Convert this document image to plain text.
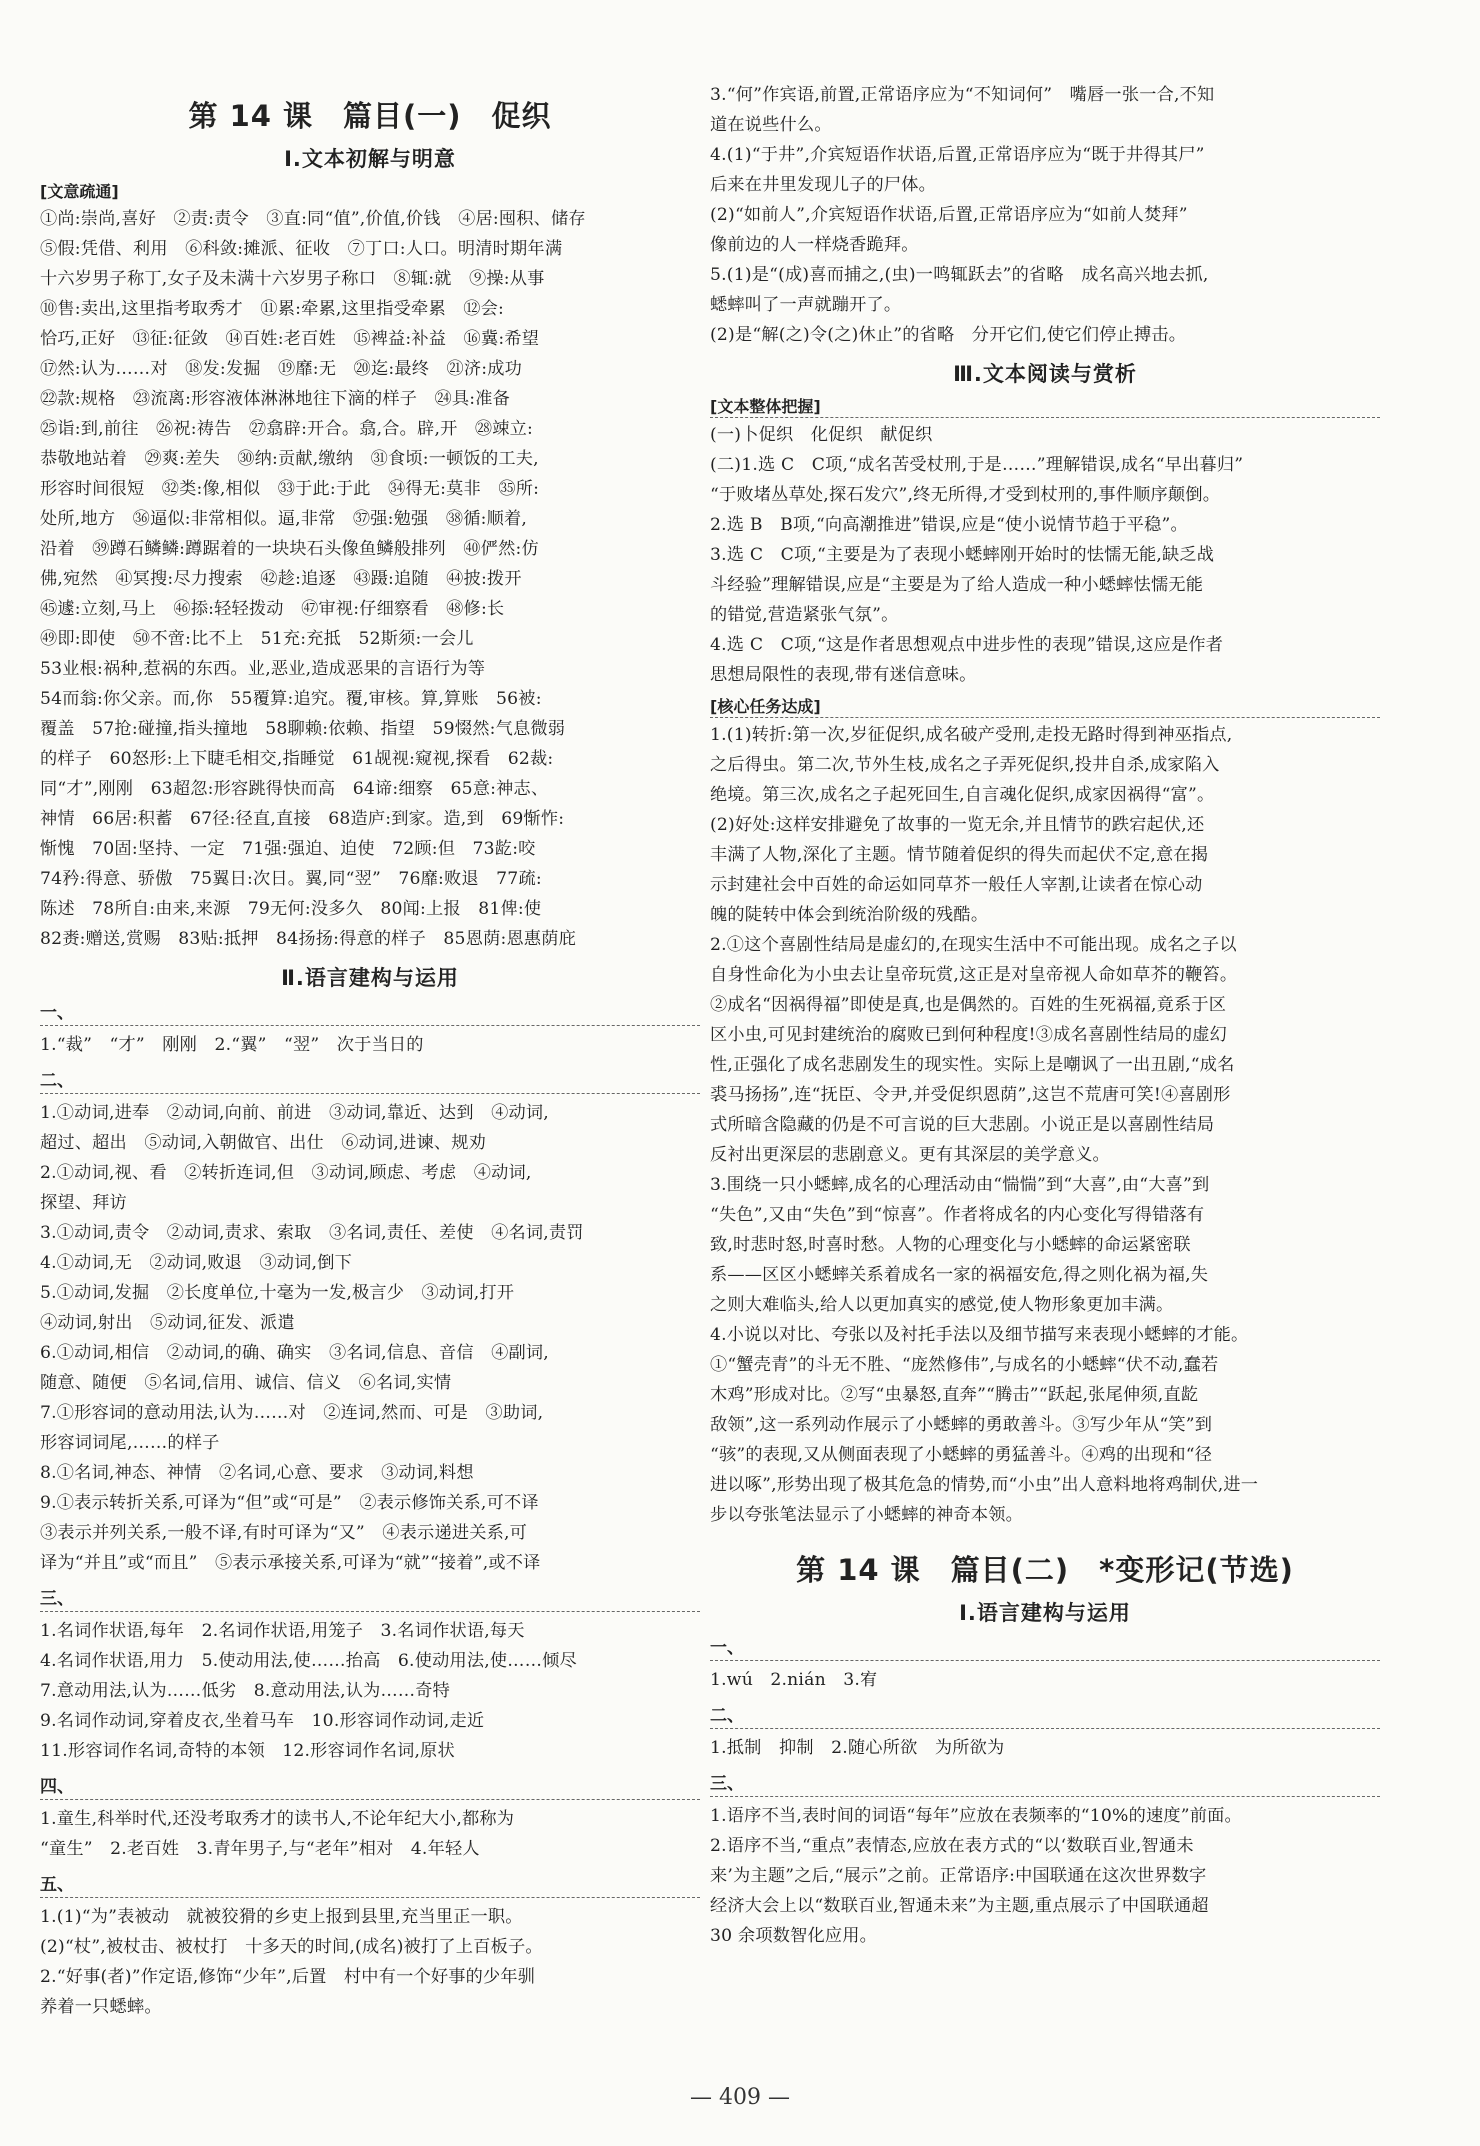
第 14 课　篇目(一)　促织
Ⅰ.文本初解与明意
[文意疏通]
①尚:崇尚,喜好　②责:责令　③直:同“值”,价值,价钱　④居:囤积、储存
⑤假:凭借、利用　⑥科敛:摊派、征收　⑦丁口:人口。明清时期年满
十六岁男子称丁,女子及未满十六岁男子称口　⑧辄:就　⑨操:从事
⑩售:卖出,这里指考取秀才　⑪累:牵累,这里指受牵累　⑫会:
恰巧,正好　⑬征:征敛　⑭百姓:老百姓　⑮裨益:补益　⑯冀:希望
⑰然:认为……对　⑱发:发掘　⑲靡:无　⑳迄:最终　㉑济:成功
㉒款:规格　㉓流离:形容液体淋淋地往下滴的样子　㉔具:准备
㉕诣:到,前往　㉖祝:祷告　㉗翕辟:开合。翕,合。辟,开　㉘竦立:
恭敬地站着　㉙爽:差失　㉚纳:贡献,缴纳　㉛食顷:一顿饭的工夫,
形容时间很短　㉜类:像,相似　㉝于此:于此　㉞得无:莫非　㉟所:
处所,地方　㊱逼似:非常相似。逼,非常　㊲强:勉强　㊳循:顺着,
沿着　㊴蹲石鳞鳞:蹲踞着的一块块石头像鱼鳞般排列　㊵俨然:仿
佛,宛然　㊶冥搜:尽力搜索　㊷趁:追逐　㊸蹑:追随　㊹披:拨开
㊺遽:立刻,马上　㊻掭:轻轻拨动　㊼审视:仔细察看　㊽修:长
㊾即:即使　㊿不啻:比不上　51充:充抵　52斯须:一会儿
53业根:祸种,惹祸的东西。业,恶业,造成恶果的言语行为等
54而翁:你父亲。而,你　55覆算:追究。覆,审核。算,算账　56被:
覆盖　57抢:碰撞,指头撞地　58聊赖:依赖、指望　59惙然:气息微弱
的样子　60怒形:上下睫毛相交,指睡觉　61觇视:窥视,探看　62裁:
同“才”,刚刚　63超忽:形容跳得快而高　64谛:细察　65意:神志、
神情　66居:积蓄　67径:径直,直接　68造庐:到家。造,到　69惭怍:
惭愧　70固:坚持、一定　71强:强迫、迫使　72顾:但　73龁:咬
74矜:得意、骄傲　75翼日:次日。翼,同“翌”　76靡:败退　77疏:
陈述　78所自:由来,来源　79无何:没多久　80闻:上报　81俾:使
82赉:赠送,赏赐　83贴:抵押　84扬扬:得意的样子　85恩荫:恩惠荫庇
Ⅱ.语言建构与运用
一、
1.“裁”　“才”　刚刚　2.“翼”　“翌”　次于当日的
二、
1.①动词,进奉　②动词,向前、前进　③动词,靠近、达到　④动词,
超过、超出　⑤动词,入朝做官、出仕　⑥动词,进谏、规劝
2.①动词,视、看　②转折连词,但　③动词,顾虑、考虑　④动词,
探望、拜访
3.①动词,责令　②动词,责求、索取　③名词,责任、差使　④名词,责罚
4.①动词,无　②动词,败退　③动词,倒下
5.①动词,发掘　②长度单位,十毫为一发,极言少　③动词,打开
④动词,射出　⑤动词,征发、派遣
6.①动词,相信　②动词,的确、确实　③名词,信息、音信　④副词,
随意、随便　⑤名词,信用、诚信、信义　⑥名词,实情
7.①形容词的意动用法,认为……对　②连词,然而、可是　③助词,
形容词词尾,……的样子
8.①名词,神态、神情　②名词,心意、要求　③动词,料想
9.①表示转折关系,可译为“但”或“可是”　②表示修饰关系,可不译
③表示并列关系,一般不译,有时可译为“又”　④表示递进关系,可
译为“并且”或“而且”　⑤表示承接关系,可译为“就”“接着”,或不译
三、
1.名词作状语,每年　2.名词作状语,用笼子　3.名词作状语,每天
4.名词作状语,用力　5.使动用法,使……抬高　6.使动用法,使……倾尽
7.意动用法,认为……低劣　8.意动用法,认为……奇特
9.名词作动词,穿着皮衣,坐着马车　10.形容词作动词,走近
11.形容词作名词,奇特的本领　12.形容词作名词,原状
四、
1.童生,科举时代,还没考取秀才的读书人,不论年纪大小,都称为
“童生”　2.老百姓　3.青年男子,与“老年”相对　4.年轻人
五、
1.(1)“为”表被动　就被狡猾的乡吏上报到县里,充当里正一职。
(2)“杖”,被杖击、被杖打　十多天的时间,(成名)被打了上百板子。
2.“好事(者)”作定语,修饰“少年”,后置　村中有一个好事的少年驯
养着一只蟋蟀。
3.“何”作宾语,前置,正常语序应为“不知词何”　嘴唇一张一合,不知
道在说些什么。
4.(1)“于井”,介宾短语作状语,后置,正常语序应为“既于井得其尸”
后来在井里发现儿子的尸体。
(2)“如前人”,介宾短语作状语,后置,正常语序应为“如前人焚拜”
像前边的人一样烧香跪拜。
5.(1)是“(成)喜而捕之,(虫)一鸣辄跃去”的省略　成名高兴地去抓,
蟋蟀叫了一声就蹦开了。
(2)是“解(之)令(之)休止”的省略　分开它们,使它们停止搏击。
Ⅲ.文本阅读与赏析
[文本整体把握]
(一)卜促织　化促织　献促织
(二)1.选 C　C项,“成名苦受杖刑,于是……”理解错误,成名“早出暮归”
“于败堵丛草处,探石发穴”,终无所得,才受到杖刑的,事件顺序颠倒。
2.选 B　B项,“向高潮推进”错误,应是“使小说情节趋于平稳”。
3.选 C　C项,“主要是为了表现小蟋蟀刚开始时的怯懦无能,缺乏战
斗经验”理解错误,应是“主要是为了给人造成一种小蟋蟀怯懦无能
的错觉,营造紧张气氛”。
4.选 C　C项,“这是作者思想观点中进步性的表现”错误,这应是作者
思想局限性的表现,带有迷信意味。
[核心任务达成]
1.(1)转折:第一次,岁征促织,成名破产受刑,走投无路时得到神巫指点,
之后得虫。第二次,节外生枝,成名之子弄死促织,投井自杀,成家陷入
绝境。第三次,成名之子起死回生,自言魂化促织,成家因祸得“富”。
(2)好处:这样安排避免了故事的一览无余,并且情节的跌宕起伏,还
丰满了人物,深化了主题。情节随着促织的得失而起伏不定,意在揭
示封建社会中百姓的命运如同草芥一般任人宰割,让读者在惊心动
魄的陡转中体会到统治阶级的残酷。
2.①这个喜剧性结局是虚幻的,在现实生活中不可能出现。成名之子以
自身性命化为小虫去让皇帝玩赏,这正是对皇帝视人命如草芥的鞭笞。
②成名“因祸得福”即使是真,也是偶然的。百姓的生死祸福,竟系于区
区小虫,可见封建统治的腐败已到何种程度!③成名喜剧性结局的虚幻
性,正强化了成名悲剧发生的现实性。实际上是嘲讽了一出丑剧,“成名
裘马扬扬”,连“抚臣、令尹,并受促织恩荫”,这岂不荒唐可笑!④喜剧形
式所暗含隐藏的仍是不可言说的巨大悲剧。小说正是以喜剧性结局
反衬出更深层的悲剧意义。更有其深层的美学意义。
3.围绕一只小蟋蟀,成名的心理活动由“惴惴”到“大喜”,由“大喜”到
“失色”,又由“失色”到“惊喜”。作者将成名的内心变化写得错落有
致,时悲时怒,时喜时愁。人物的心理变化与小蟋蟀的命运紧密联
系——区区小蟋蟀关系着成名一家的祸福安危,得之则化祸为福,失
之则大难临头,给人以更加真实的感觉,使人物形象更加丰满。
4.小说以对比、夸张以及衬托手法以及细节描写来表现小蟋蟀的才能。
①“蟹壳青”的斗无不胜、“庞然修伟”,与成名的小蟋蟀“伏不动,蠢若
木鸡”形成对比。②写“虫暴怒,直奔”“腾击”“跃起,张尾伸须,直龁
敌领”,这一系列动作展示了小蟋蟀的勇敢善斗。③写少年从“笑”到
“骇”的表现,又从侧面表现了小蟋蟀的勇猛善斗。④鸡的出现和“径
进以啄”,形势出现了极其危急的情势,而“小虫”出人意料地将鸡制伏,进一
步以夸张笔法显示了小蟋蟀的神奇本领。
第 14 课　篇目(二)　*变形记(节选)
Ⅰ.语言建构与运用
一、
1.wú　2.nián　3.宥
二、
1.抵制　抑制　2.随心所欲　为所欲为
三、
1.语序不当,表时间的词语“每年”应放在表频率的“10%的速度”前面。
2.语序不当,“重点”表情态,应放在表方式的“以‘数联百业,智通未
来’为主题”之后,“展示”之前。正常语序:中国联通在这次世界数字
经济大会上以“数联百业,智通未来”为主题,重点展示了中国联通超
30 余项数智化应用。
— 409 —
